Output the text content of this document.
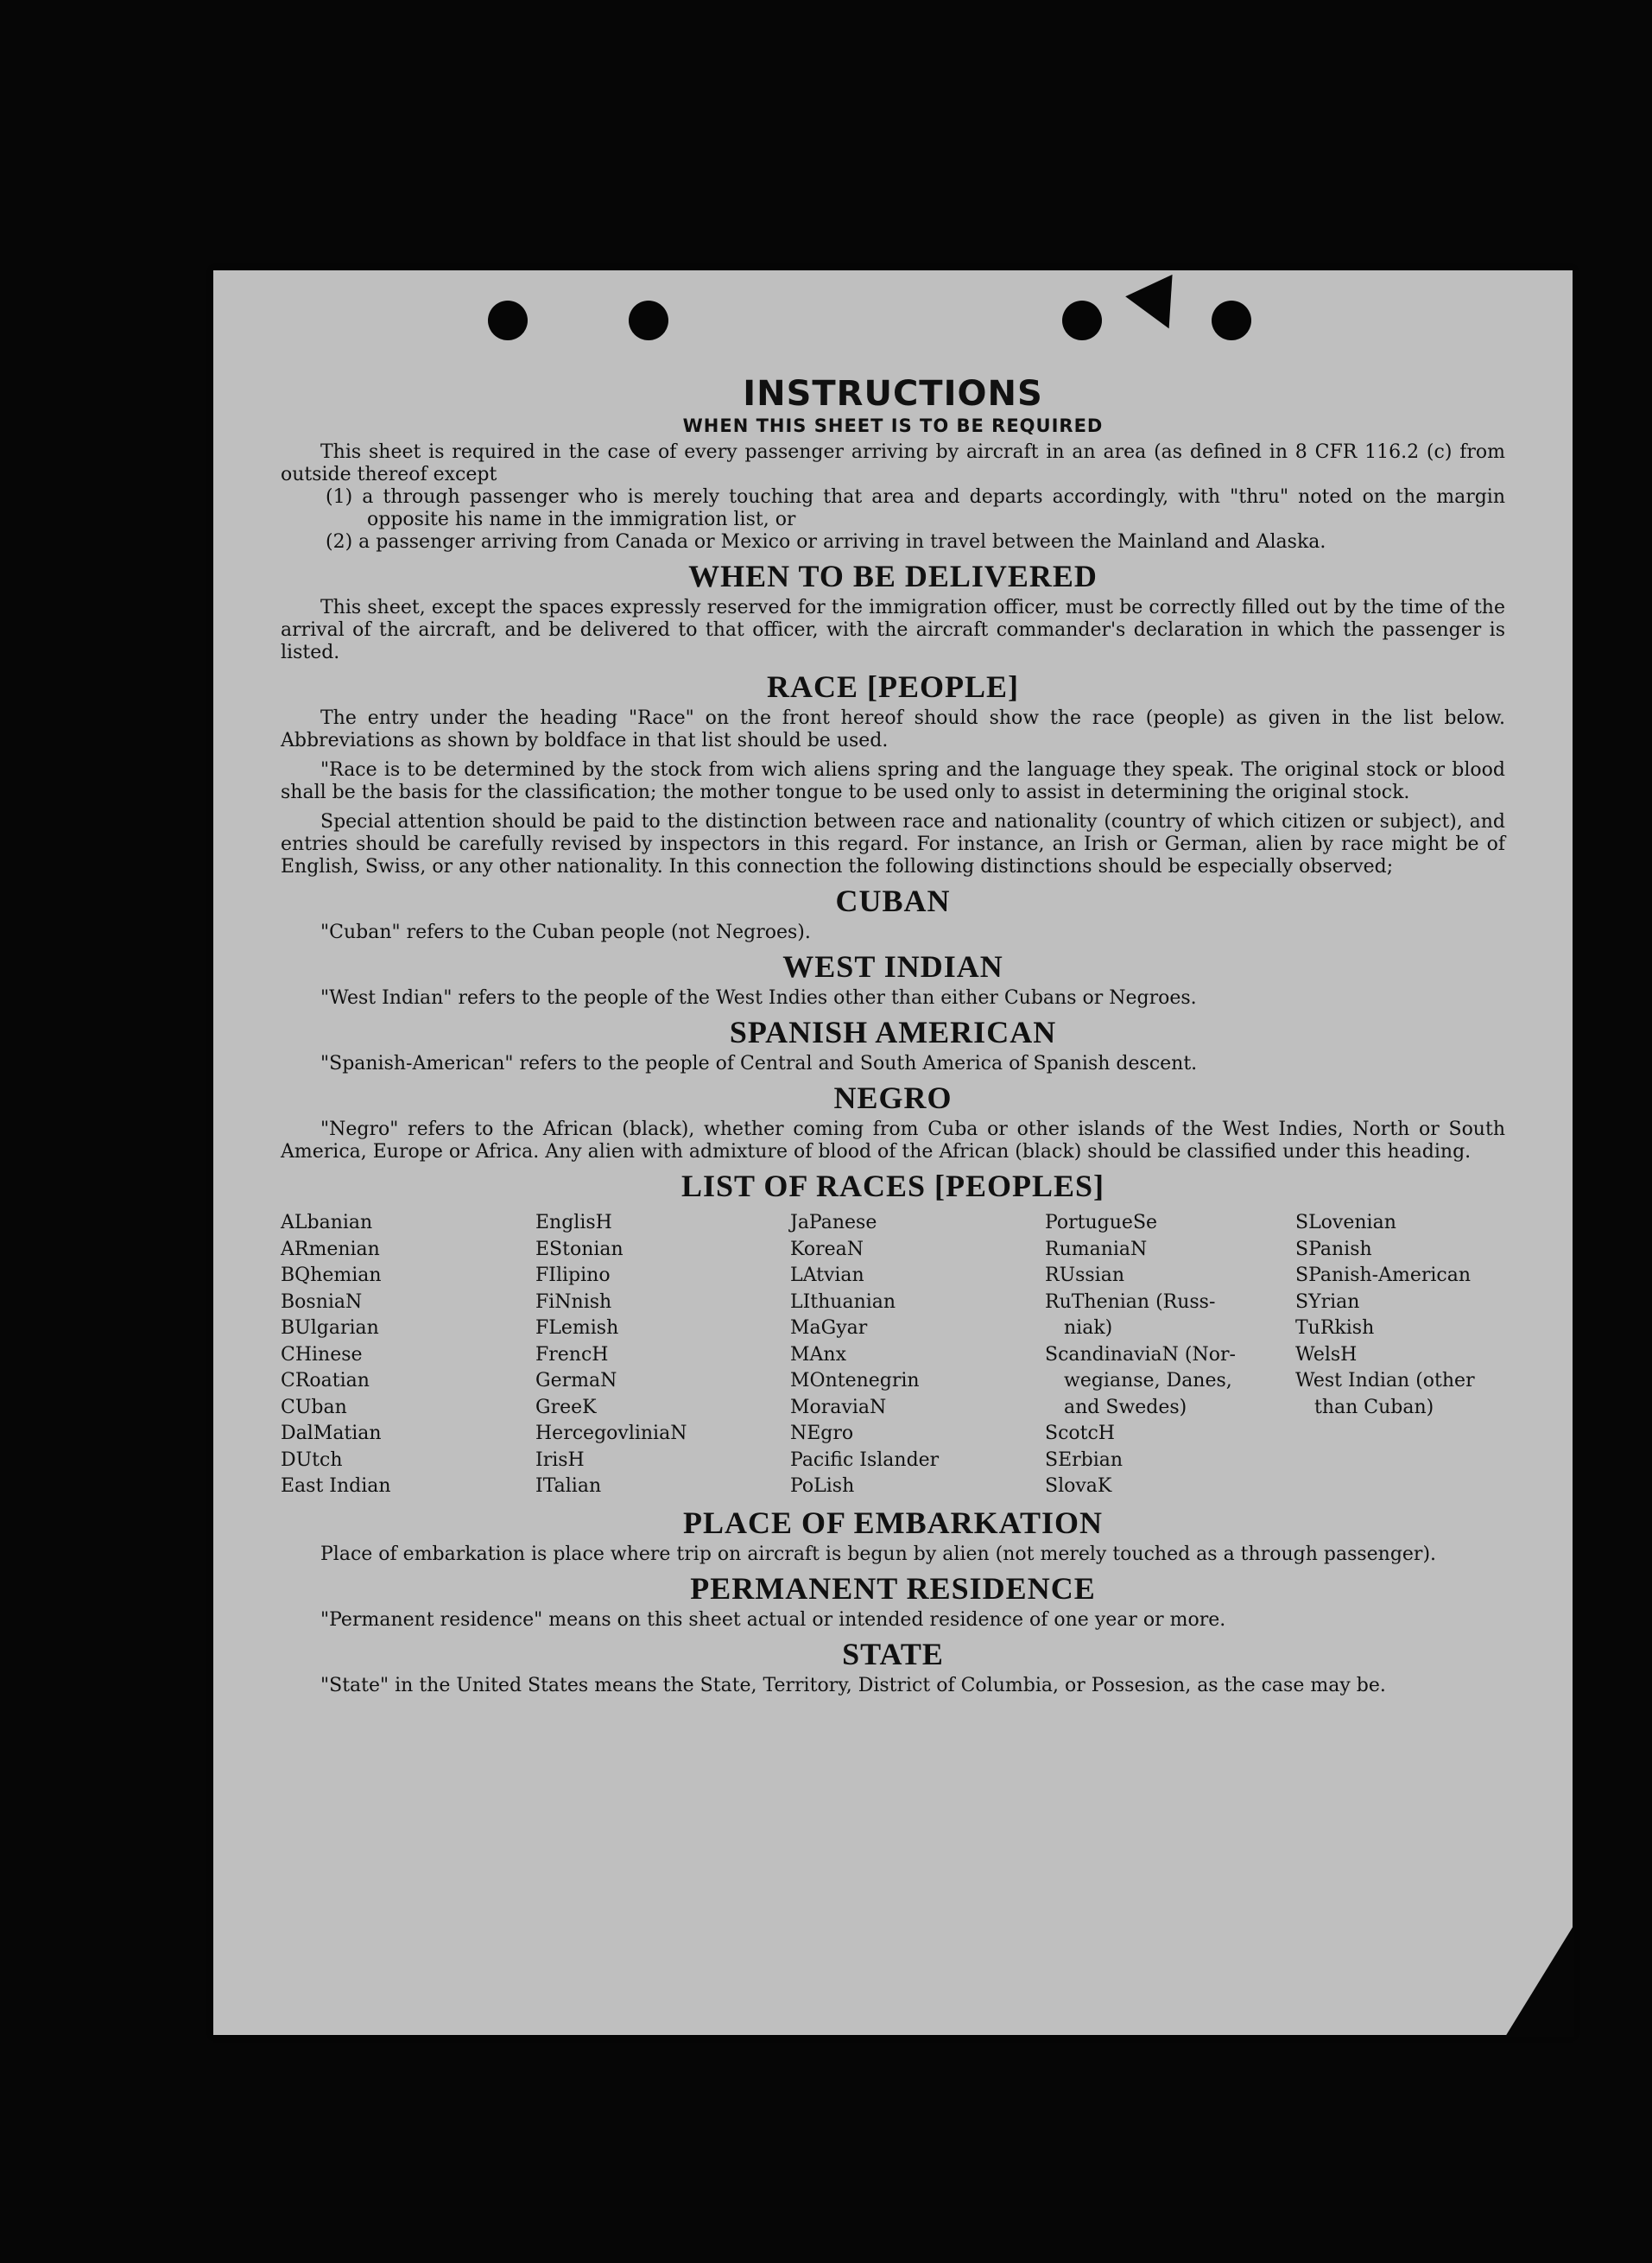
INSTRUCTIONS
WHEN THIS SHEET IS TO BE REQUIRED

This sheet is required in the case of every passenger arriving by aircraft in an area (as defined in 8 CFR 116.2 (c) from outside thereof except

(1) a through passenger who is merely touching that area and departs accordingly, with "thru" noted on the margin opposite his name in the immigration list, or

(2) a passenger arriving from Canada or Mexico or arriving in travel between the Mainland and Alaska.

WHEN TO BE DELIVERED

This sheet, except the spaces expressly reserved for the immigration officer, must be correctly filled out by the time of the arrival of the aircraft, and be delivered to that officer, with the aircraft commander's declaration in which the passenger is listed.

RACE [PEOPLE]

The entry under the heading "Race" on the front hereof should show the race (people) as given in the list below. Abbreviations as shown by boldface in that list should be used.

"Race is to be determined by the stock from wich aliens spring and the language they speak. The original stock or blood shall be the basis for the classification; the mother tongue to be used only to assist in determining the original stock.

Special attention should be paid to the distinction between race and nationality (country of which citizen or subject), and entries should be carefully revised by inspectors in this regard. For instance, an Irish or German, alien by race might be of English, Swiss, or any other nationality. In this connection the following distinctions should be especially observed;

CUBAN

"Cuban" refers to the Cuban people (not Negroes).

WEST INDIAN

"West Indian" refers to the people of the West Indies other than either Cubans or Negroes.

SPANISH AMERICAN

"Spanish-American" refers to the people of Central and South America of Spanish descent.

NEGRO

"Negro" refers to the African (black), whether coming from Cuba or other islands of the West Indies, North or South America, Europe or Africa. Any alien with admixture of blood of the African (black) should be classified under this heading.

LIST OF RACES [PEOPLES]
ALbanian
ARmenian
BQhemian
BosniaN
BUlgarian
CHinese
CRoatian
CUban
DalMatian
DUtch
East Indian
EnglisH
EStonian
FIlipino
FiNnish
FLemish
FrencH
GermaN
GreeK
HercegovliniaN
IrisH
ITalian
JaPanese
KoreaN
LAtvian
LIthuanian
MaGyar
MAnx
MOntenegrin
MoraviaN
NEgro
Pacific Islander
PoLish
PortugueSe
RumaniaN
RUssian
RuThenian (Russ-
niak)
ScandinaviaN (Nor-
wegianse, Danes,
and Swedes)
ScotcH
SErbian
SlovaK
SLovenian
SPanish
SPanish-American
SYrian
TuRkish
WelsH
West Indian (other
than Cuban)
PLACE OF EMBARKATION

Place of embarkation is place where trip on aircraft is begun by alien (not merely touched as a through passenger).

PERMANENT RESIDENCE

"Permanent residence" means on this sheet actual or intended residence of one year or more.

STATE

"State" in the United States means the State, Territory, District of Columbia, or Possesion, as the case may be.
